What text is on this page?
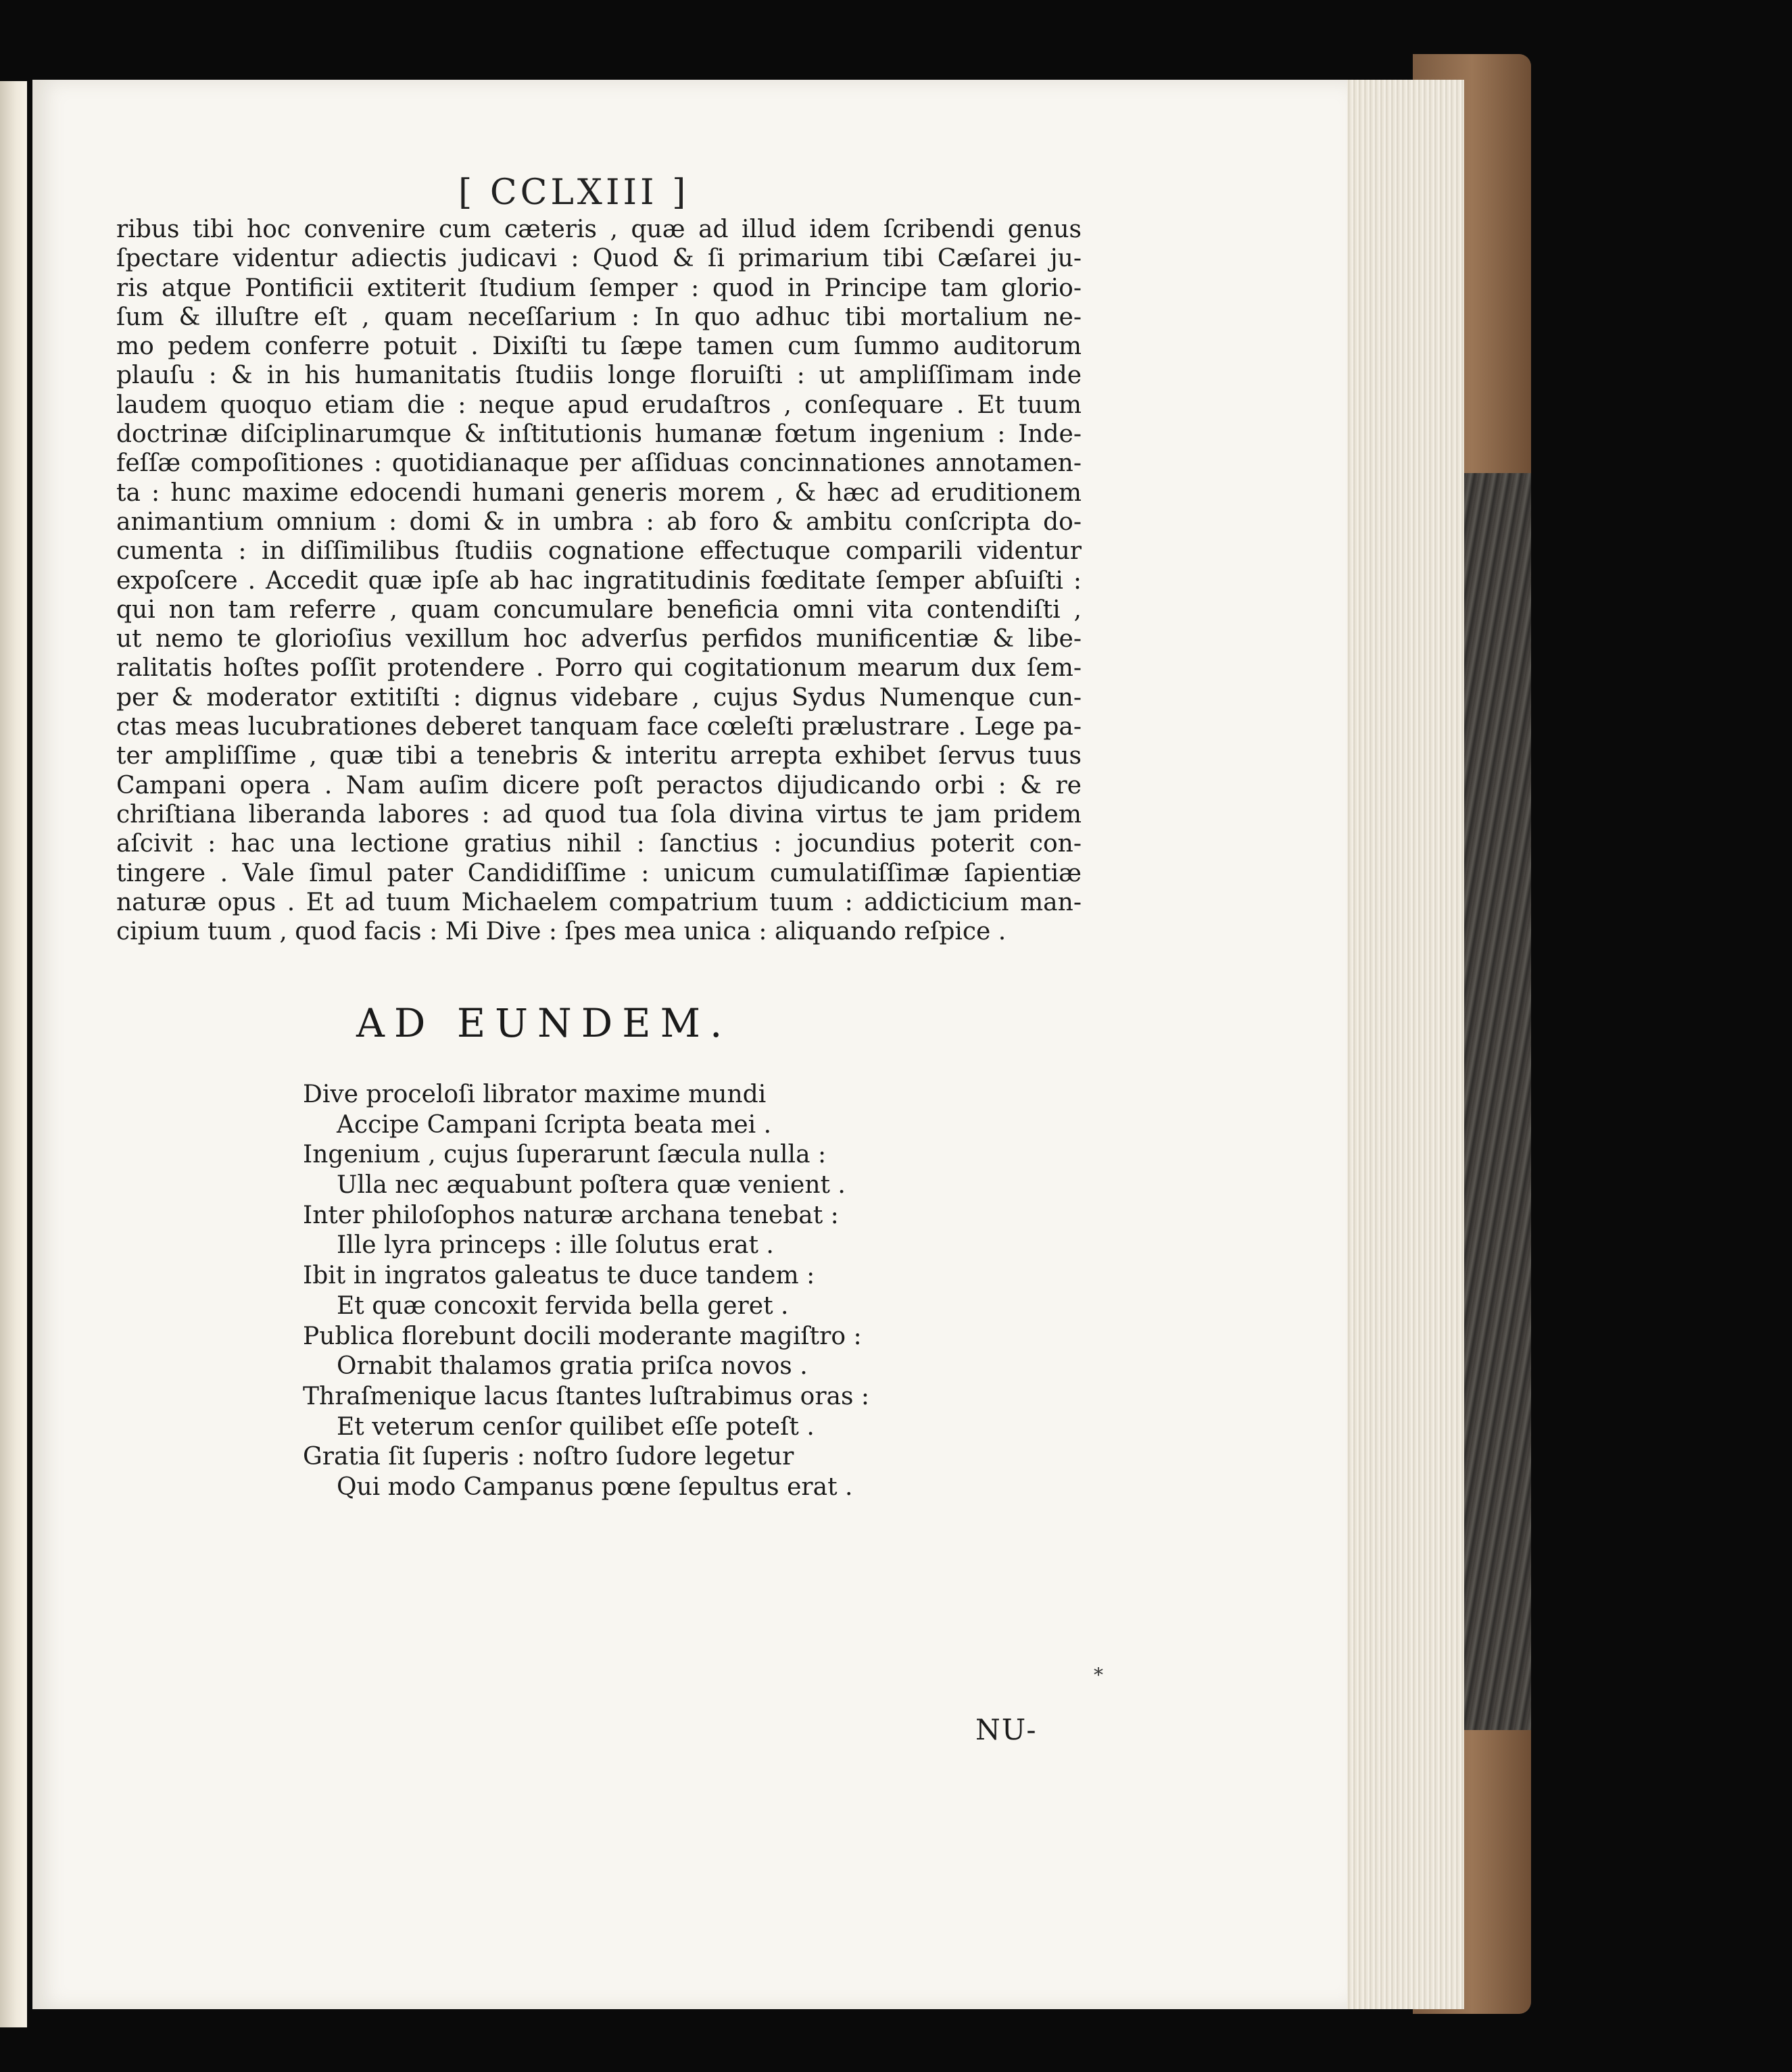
[ CCLXIII ]
ribus tibi hoc convenire cum cæteris , quæ ad illud idem ſcribendi genus
ſpectare videntur adiectis judicavi : Quod & ſi primarium tibi Cæſarei ju-
ris atque Pontificii extiterit ſtudium ſemper : quod in Principe tam glorio-
ſum & illuſtre eſt , quam neceſſarium : In quo adhuc tibi mortalium ne-
mo pedem conferre potuit . Dixiſti tu ſæpe tamen cum ſummo auditorum
plauſu : & in his humanitatis ſtudiis longe floruiſti : ut ampliſſimam inde
laudem quoquo etiam die : neque apud erudaſtros , conſequare . Et tuum
doctrinæ diſciplinarumque & inſtitutionis humanæ fœtum ingenium : Inde-
feſſæ compoſitiones : quotidianaque per aſſiduas concinnationes annotamen-
ta : hunc maxime edocendi humani generis morem , & hæc ad eruditionem
animantium omnium : domi & in umbra : ab foro & ambitu conſcripta do-
cumenta : in diſſimilibus ſtudiis cognatione effectuque comparili videntur
expoſcere . Accedit quæ ipſe ab hac ingratitudinis fœditate ſemper abſuiſti :
qui non tam referre , quam concumulare beneficia omni vita contendiſti ,
ut nemo te glorioſius vexillum hoc adverſus perfidos munificentiæ & libe-
ralitatis hoſtes poſſit protendere . Porro qui cogitationum mearum dux ſem-
per & moderator extitiſti : dignus videbare , cujus Sydus Numenque cun-
ctas meas lucubrationes deberet tanquam face cœleſti prælustrare . Lege pa-
ter ampliſſime , quæ tibi a tenebris & interitu arrepta exhibet ſervus tuus
Campani opera . Nam auſim dicere poſt peractos dijudicando orbi : & re
chriſtiana liberanda labores : ad quod tua ſola divina virtus te jam pridem
aſcivit : hac una lectione gratius nihil : ſanctius : jocundius poterit con-
tingere . Vale ſimul pater Candidiſſime : unicum cumulatiſſimæ ſapientiæ
naturæ opus . Et ad tuum Michaelem compatrium tuum : addicticium man-
cipium tuum , quod facis : Mi Dive : ſpes mea unica : aliquando reſpice .
AD EUNDEM.
Dive proceloſi librator maxime mundi
Accipe Campani ſcripta beata mei .
Ingenium , cujus ſuperarunt ſæcula nulla :
Ulla nec æquabunt poſtera quæ venient .
Inter philoſophos naturæ archana tenebat :
Ille lyra princeps : ille ſolutus erat .
Ibit in ingratos galeatus te duce tandem :
Et quæ concoxit fervida bella geret .
Publica florebunt docili moderante magiſtro :
Ornabit thalamos gratia priſca novos .
Thraſmenique lacus ſtantes luſtrabimus oras :
Et veterum cenſor quilibet eſſe poteſt .
Gratia ſit ſuperis : noſtro ſudore legetur
Qui modo Campanus pœne ſepultus erat .
*
NU-
